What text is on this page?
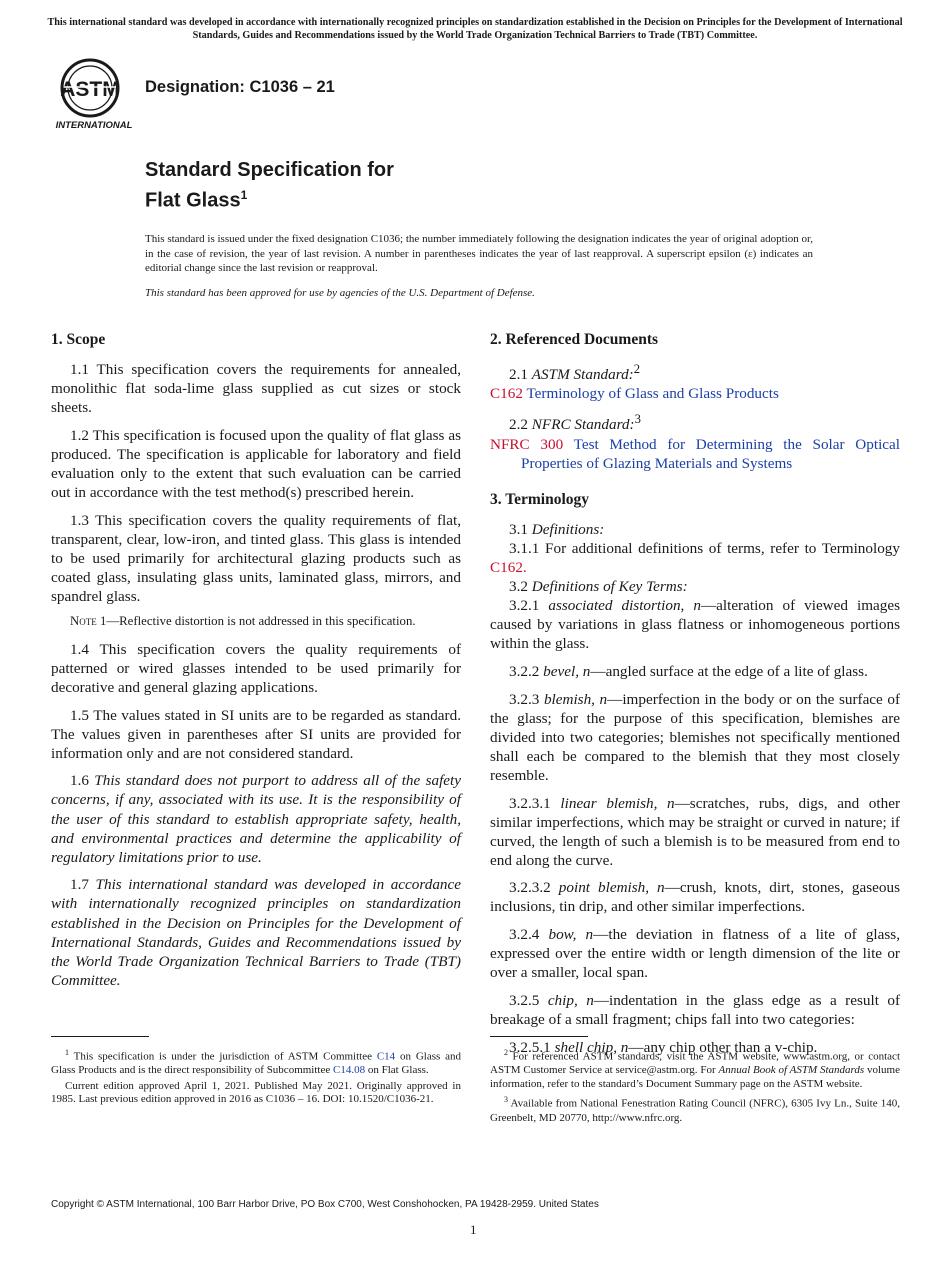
This international standard was developed in accordance with internationally recognized principles on standardization established in the Decision on Principles for the Development of International Standards, Guides and Recommendations issued by the World Trade Organization Technical Barriers to Trade (TBT) Committee.
ASTM
INTERNATIONAL
Designation: C1036 – 21
Standard Specification for
Flat Glass$^1$
This standard is issued under the fixed designation C1036; the number immediately following the designation indicates the year of original adoption or, in the case of revision, the year of last revision. A number in parentheses indicates the year of last reapproval. A superscript epsilon (ε) indicates an editorial change since the last revision or reapproval.
This standard has been approved for use by agencies of the U.S. Department of Defense.

1. Scope

1.1 This specification covers the requirements for annealed, monolithic flat soda-lime glass supplied as cut sizes or stock sheets.

1.2 This specification is focused upon the quality of flat glass as produced. The specification is applicable for laboratory and field evaluation only to the extent that such evaluation can be carried out in accordance with the test method(s) prescribed herein.

1.3 This specification covers the quality requirements of flat, transparent, clear, low-iron, and tinted glass. This glass is intended to be used primarily for architectural glazing products such as coated glass, insulating glass units, laminated glass, mirrors, and spandrel glass.

Note 1—Reflective distortion is not addressed in this specification.

1.4 This specification covers the quality requirements of patterned or wired glasses intended to be used primarily for decorative and general glazing applications.

1.5 The values stated in SI units are to be regarded as standard. The values given in parentheses after SI units are provided for information only and are not considered standard.

1.6 This standard does not purport to address all of the safety concerns, if any, associated with its use. It is the responsibility of the user of this standard to establish appropriate safety, health, and environmental practices and determine the applicability of regulatory limitations prior to use.

1.7 This international standard was developed in accordance with internationally recognized principles on standardization established in the Decision on Principles for the Development of International Standards, Guides and Recommendations issued by the World Trade Organization Technical Barriers to Trade (TBT) Committee.

2. Referenced Documents

2.1 ASTM Standard:$^2$

C162 Terminology of Glass and Glass Products

2.2 NFRC Standard:$^3$

NFRC 300 Test Method for Determining the Solar Optical Properties of Glazing Materials and Systems

3. Terminology

3.1 Definitions:

3.1.1 For additional definitions of terms, refer to Terminology C162.

3.2 Definitions of Key Terms:

3.2.1 associated distortion, n—alteration of viewed images caused by variations in glass flatness or inhomogeneous portions within the glass.

3.2.2 bevel, n—angled surface at the edge of a lite of glass.

3.2.3 blemish, n—imperfection in the body or on the surface of the glass; for the purpose of this specification, blemishes are divided into two categories; blemishes not specifically mentioned shall each be compared to the blemish that they most closely resemble.

3.2.3.1 linear blemish, n—scratches, rubs, digs, and other similar imperfections, which may be straight or curved in nature; if curved, the length of such a blemish is to be measured from end to end along the curve.

3.2.3.2 point blemish, n—crush, knots, dirt, stones, gaseous inclusions, tin drip, and other similar imperfections.

3.2.4 bow, n—the deviation in flatness of a lite of glass, expressed over the entire width or length dimension of the lite or over a smaller, local span.

3.2.5 chip, n—indentation in the glass edge as a result of breakage of a small fragment; chips fall into two categories:

3.2.5.1 shell chip, n—any chip other than a v-chip.

$^1$ This specification is under the jurisdiction of ASTM Committee C14 on Glass and Glass Products and is the direct responsibility of Subcommittee C14.08 on Flat Glass.

Current edition approved April 1, 2021. Published May 2021. Originally approved in 1985. Last previous edition approved in 2016 as C1036 – 16. DOI: 10.1520/C1036-21.

$^2$ For referenced ASTM standards, visit the ASTM website, www.astm.org, or contact ASTM Customer Service at service@astm.org. For Annual Book of ASTM Standards volume information, refer to the standard’s Document Summary page on the ASTM website.

$^3$ Available from National Fenestration Rating Council (NFRC), 6305 Ivy Ln., Suite 140, Greenbelt, MD 20770, http://www.nfrc.org.

Copyright © ASTM International, 100 Barr Harbor Drive, PO Box C700, West Conshohocken, PA 19428-2959. United States
1
